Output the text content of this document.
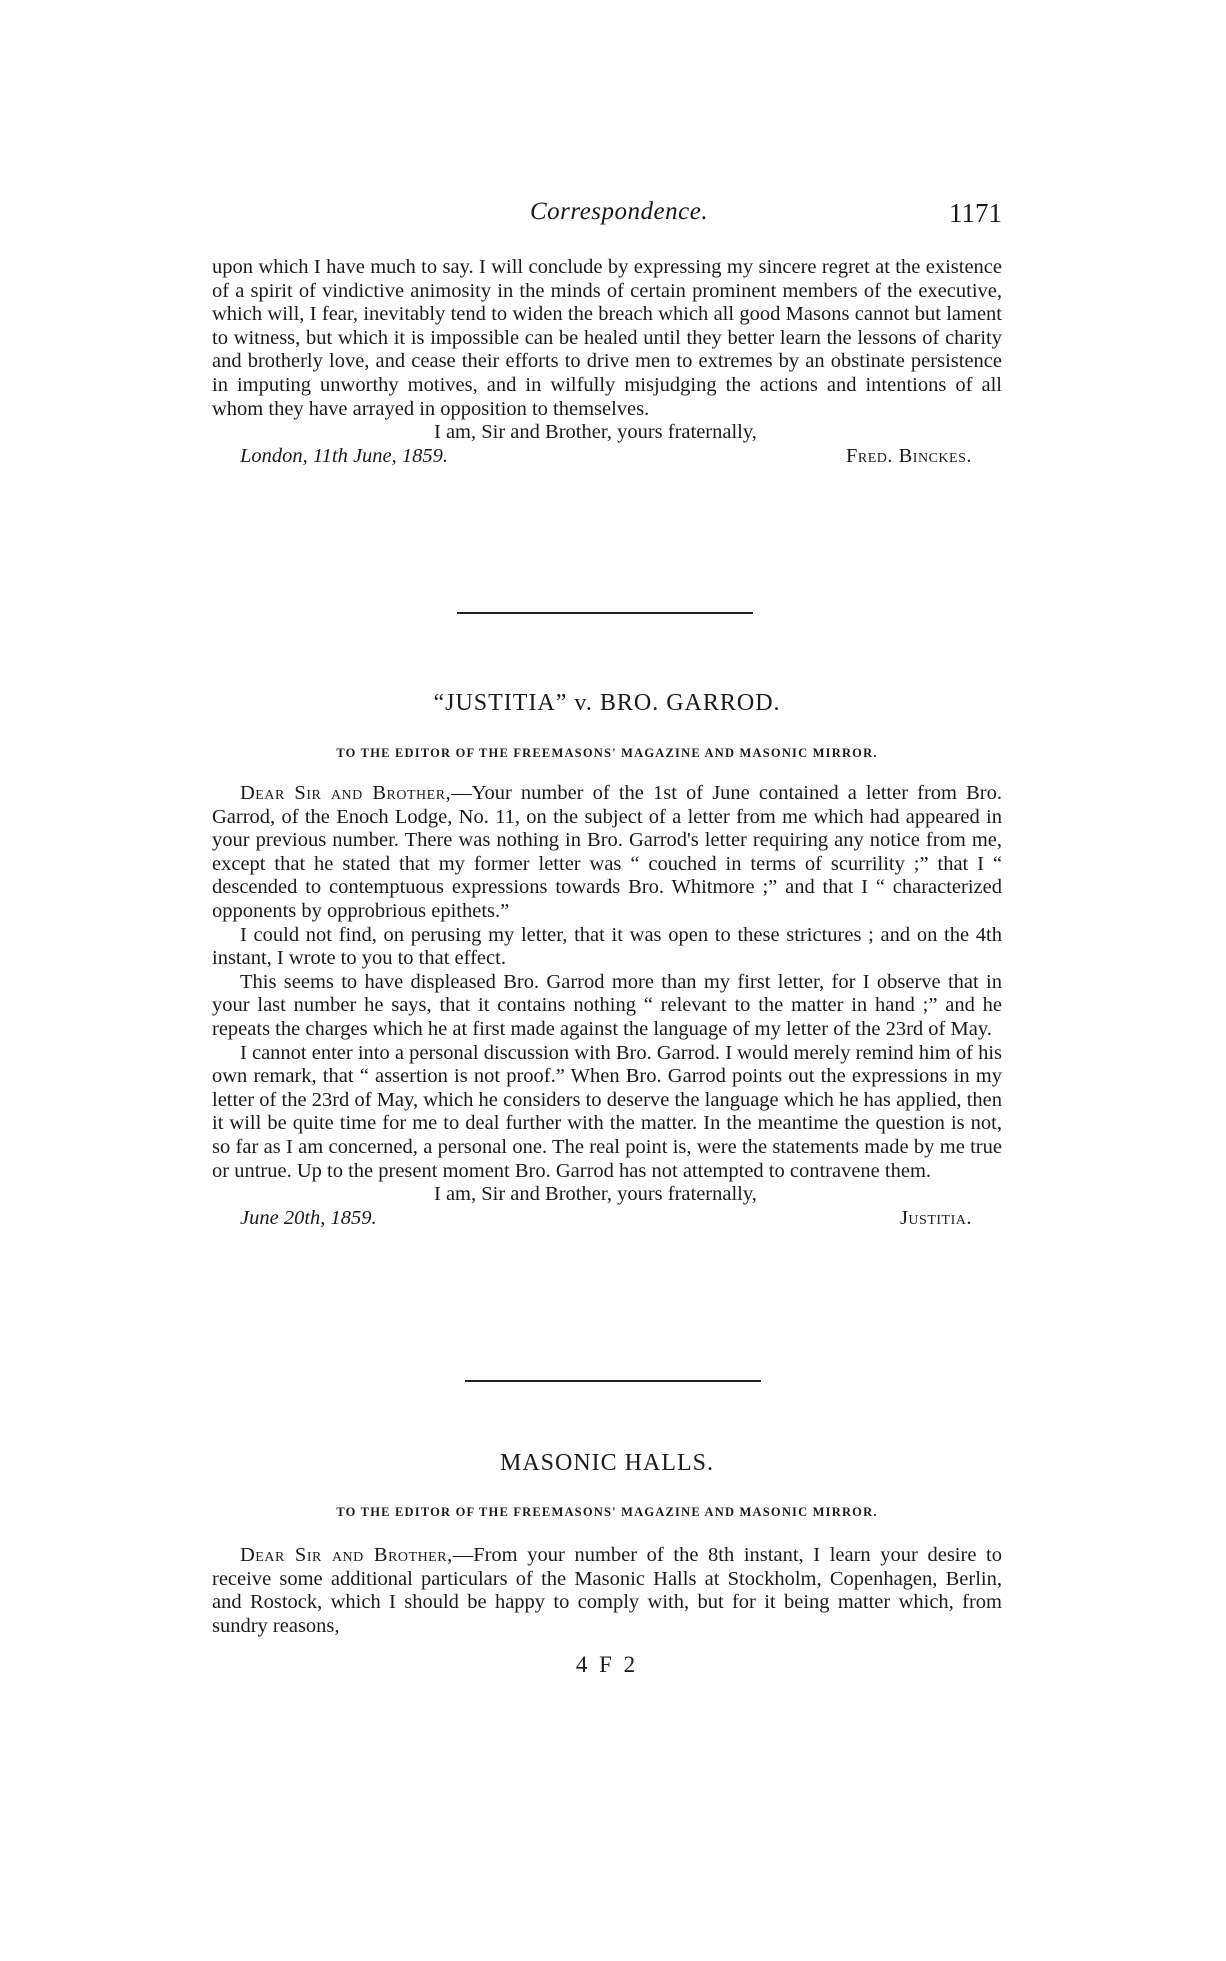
Correspondence.	1171

upon which I have much to say. I will conclude by expressing my sincere regret at the existence of a spirit of vindictive animosity in the minds of certain prominent members of the executive, which will, I fear, inevitably tend to widen the breach which all good Masons cannot but lament to witness, but which it is impossible can be healed until they better learn the lessons of charity and brotherly love, and cease their efforts to drive men to extremes by an obstinate persistence in imputing unworthy motives, and in wilfully misjudging the actions and intentions of all whom they have arrayed in opposition to themselves.

I am, Sir and Brother, yours fraternally,

London, 11th June, 1859.	Fred. Binckes.
“JUSTITIA” v. BRO. GARROD.
TO THE EDITOR OF THE FREEMASONS' MAGAZINE AND MASONIC MIRROR.

Dear Sir and Brother,—Your number of the 1st of June contained a letter from Bro. Garrod, of the Enoch Lodge, No. 11, on the subject of a letter from me which had appeared in your previous number. There was nothing in Bro. Garrod's letter requiring any notice from me, except that he stated that my former letter was “ couched in terms of scurrility ;” that I “ descended to contemptuous expressions towards Bro. Whitmore ;” and that I “ characterized opponents by opprobrious epithets.”

I could not find, on perusing my letter, that it was open to these strictures ; and on the 4th instant, I wrote to you to that effect.

This seems to have displeased Bro. Garrod more than my first letter, for I observe that in your last number he says, that it contains nothing “ relevant to the matter in hand ;” and he repeats the charges which he at first made against the language of my letter of the 23rd of May.

I cannot enter into a personal discussion with Bro. Garrod. I would merely remind him of his own remark, that “ assertion is not proof.” When Bro. Garrod points out the expressions in my letter of the 23rd of May, which he considers to deserve the language which he has applied, then it will be quite time for me to deal further with the matter. In the meantime the question is not, so far as I am concerned, a personal one. The real point is, were the statements made by me true or untrue. Up to the present moment Bro. Garrod has not attempted to contravene them.

I am, Sir and Brother, yours fraternally,

June 20th, 1859.	Justitia.
MASONIC HALLS.
TO THE EDITOR OF THE FREEMASONS' MAGAZINE AND MASONIC MIRROR.

Dear Sir and Brother,—From your number of the 8th instant, I learn your desire to receive some additional particulars of the Masonic Halls at Stockholm, Copenhagen, Berlin, and Rostock, which I should be happy to comply with, but for it being matter which, from sundry reasons,

4 F 2
